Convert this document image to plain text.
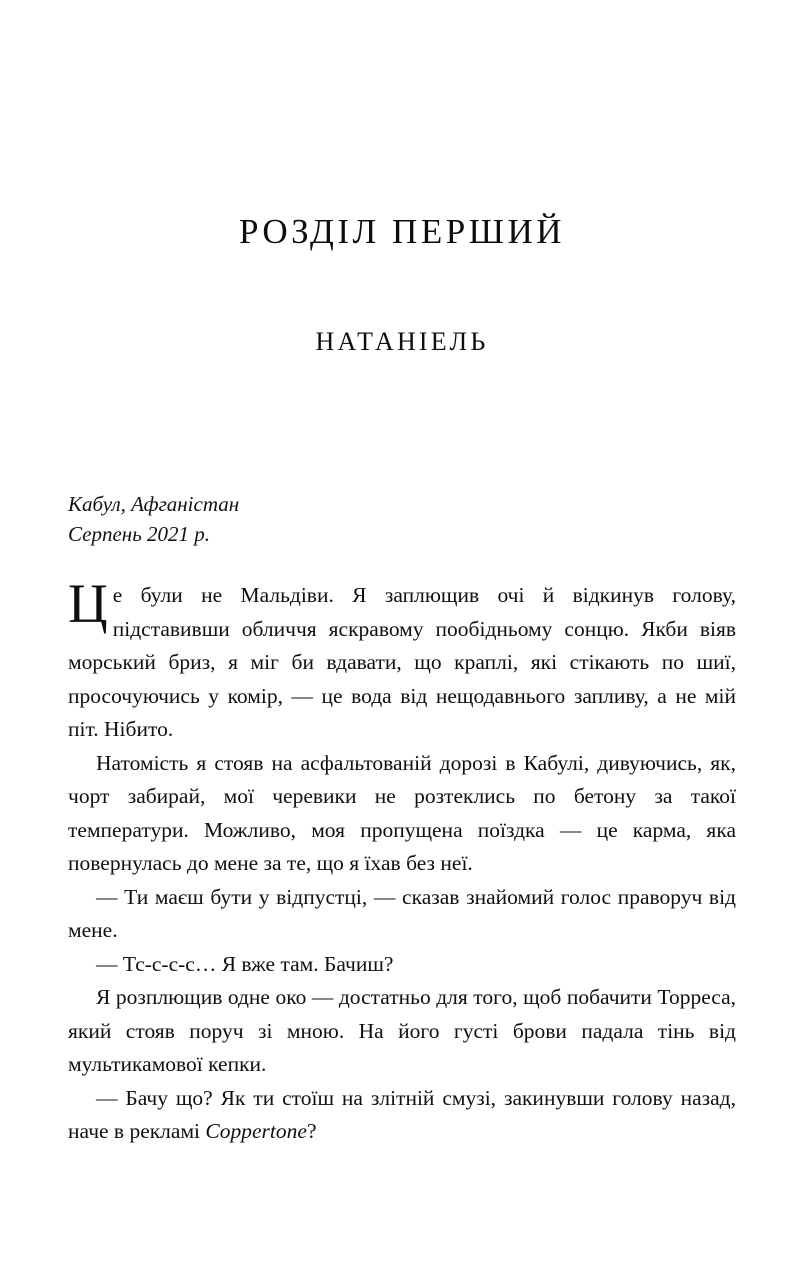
РОЗДІЛ ПЕРШИЙ
НАТАНІЕЛЬ
Кабул, Афганістан
Серпень 2021 р.

Це були не Мальдіви. Я заплющив очі й відкинув голову, підставивши обличчя яскравому пообідньому сонцю. Якби віяв морський бриз, я міг би вдавати, що краплі, які стікають по шиї, просочуючись у комір, — це вода від нещодавнього запливу, а не мій піт. Нібито.

Натомість я стояв на асфальтованій дорозі в Кабулі, дивуючись, як, чорт забирай, мої черевики не розтеклись по бетону за такої температури. Можливо, моя пропущена поїздка — це карма, яка повернулась до мене за те, що я їхав без неї.

— Ти маєш бути у відпустці, — сказав знайомий голос праворуч від мене.

— Тс-с-с-с… Я вже там. Бачиш?

Я розплющив одне око — достатньо для того, щоб побачити Торреса, який стояв поруч зі мною. На його густі брови падала тінь від мультикамової кепки.

— Бачу що? Як ти стоїш на злітній смузі, закинувши голову назад, наче в рекламі Coppertone?
